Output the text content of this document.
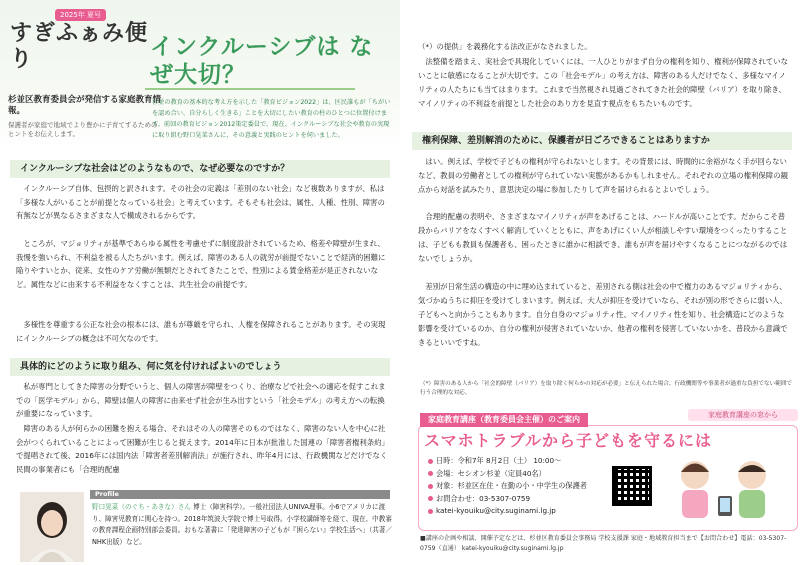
2025年 夏号
すぎふぁみ便り
杉並区教育委員会が発信する家庭教育情報。
保護者が家庭で地域でより豊かに子育てするためのヒントをお伝えします。
インクルーシブは なぜ大切？
杉並の教育の基本的な考え方を示した「教育ビジョン2022」は、区民誰もが「ちがいを認め合い、自分らしく生きる」ことを大切にしたい教育の柱のひとつに位置付けます。前回の教育ビジョン2012策定委員で、現在、インクルーシブな社会や教育の実現に取り組む野口晃菜さんに、その意義と実践のヒントを伺いました。
インクルーシブな社会はどのようなもので、なぜ必要なのですか？
インクルーシブ自体、包摂的と訳されます。その社会の定義は「差別のない社会」など複数ありますが、私は「多様な人がいることが前提となっている社会」と考えています。そもそも社会は、属性、人種、性別、障害の有無などが異なるさまざまな人で構成されるからです。
ところが、マジョリティが基準であらゆる属性を考慮せずに制度設計されているため、格差や障壁が生まれ、我慢を強いられ、不利益を被る人たちがいます。例えば、障害のある人の就労が前提でないことで経済的困難に陥りやすいとか、従来、女性のケア労働が無類だとされてきたことで、性別による賃金格差が是正されないなど。属性などに由来する不利益をなくすことは、共生社会の前提です。
多様性を尊重する公正な社会の根本には、誰もが尊厳を守られ、人権を保障されることがあります。その実現にインクルーシブの概念は不可欠なのです。
具体的にどのように取り組み、何に気を付ければよいのでしょう
私が専門としてきた障害の分野でいうと、個人の障害が障壁をつくり、治療などで社会への適応を促すこれまでの「医学モデル」から、障壁は個人の障害に由来せず社会が生み出すという「社会モデル」の考え方への転換が重要になっています。
障害のある人が何らかの困難を抱える場合、それはその人の障害そのものではなく、障害のない人を中心に社会がつくられていることによって困難が生じると捉えます。2014年に日本が批准した国連の「障害者権利条約」で提唱されて後、2016年には国内法「障害者差別解消法」が施行され、昨年4月には、行政機関などだけでなく民間の事業者にも「合理的配慮
Profile
野口晃菜（のぐち・あきな）さん 博士（障害科学）。一般社団法人UNIVA理事。小6でアメリカに渡り、障害児教育に関心を持つ。2018年筑波大学院で博士号取得。小学校講師等を経て、現在、中教審の教育課程企画特別部会委員。おもな著書に「発達障害の子どもが『困らない』学校生活へ」（共著／NHK出版）など。
（*）の提供」を義務化する法改正がなされました。
法整備を踏まえ、実社会で具現化していくには、一人ひとりがまず自分の権利を知り、権利が保障されていないことに敏感になることが大切です。この「社会モデル」の考え方は、障害のある人だけでなく、多様なマイノリティの人たちにも当てはまります。これまで当然視され見過ごされてきた社会的障壁（バリア）を取り除き、マイノリティの不利益を前提とした社会のあり方を見直す視点をもちたいものです。
権利保障、差別解消のために、保護者が日ごろできることはありますか
はい。例えば、学校で子どもの権利が守られないとします。その背景には、時間的に余裕がなく手が回らないなど、教員の労働者としての権利が守られていない実態があるかもしれません。それぞれの立場の権利保障の観点から対話を試みたり、意思決定の場に参加したりして声を届けられるとよいでしょう。
合理的配慮の表明や、さまざまなマイノリティが声をあげることは、ハードルが高いことです。だからこそ普段からバリアをなくすべく解消していくとともに、声をあげにくい人が相談しやすい環境をつくったりすることは、子どもも教員も保護者も、困ったときに誰かに相談でき、誰もが声を届けやすくなることにつながるのではないでしょうか。
差別が日常生活の構造の中に埋め込まれていると、差別される側は社会の中で権力のあるマジョリティから、気づかぬうちに抑圧を受けてしまいます。例えば、大人が抑圧を受けていなら、それが別の形でさらに弱い人、子どもへと向かうこともあります。自分自身のマジョリティ性、マイノリティ性を知り、社会構造にどのような影響を受けているのか、自分の権利が侵害されていないか、他者の権利を侵害していないかを、普段から意識できるといいですね。
（*）障害のある人から「社会的障壁（バリア）を取り除く何らかの対応が必要」と伝えられた場合、行政機関等や事業者が過重な負担でない範囲で行う合理的な対応。
家庭教育講座の窓から
家庭教育講座（教育委員会主催）のご案内
スマホトラブルから子どもを守るには
日時：令和7年 8月2日（土） 10:00〜
会場：セシオン杉並（定員40名）
対象：杉並区在住・在勤の小・中学生の保護者
お問合わせ：03-5307-0759
katei-kyouiku@city.suginami.lg.jp
■講座の企画や相談、開催予定などは、杉並区教育委員会事務局 学校支援課 家庭・地域教育担当まで【お問合わせ】電話：03-5307-0759（直通） katei-kyouiku@city.suginami.lg.jp
